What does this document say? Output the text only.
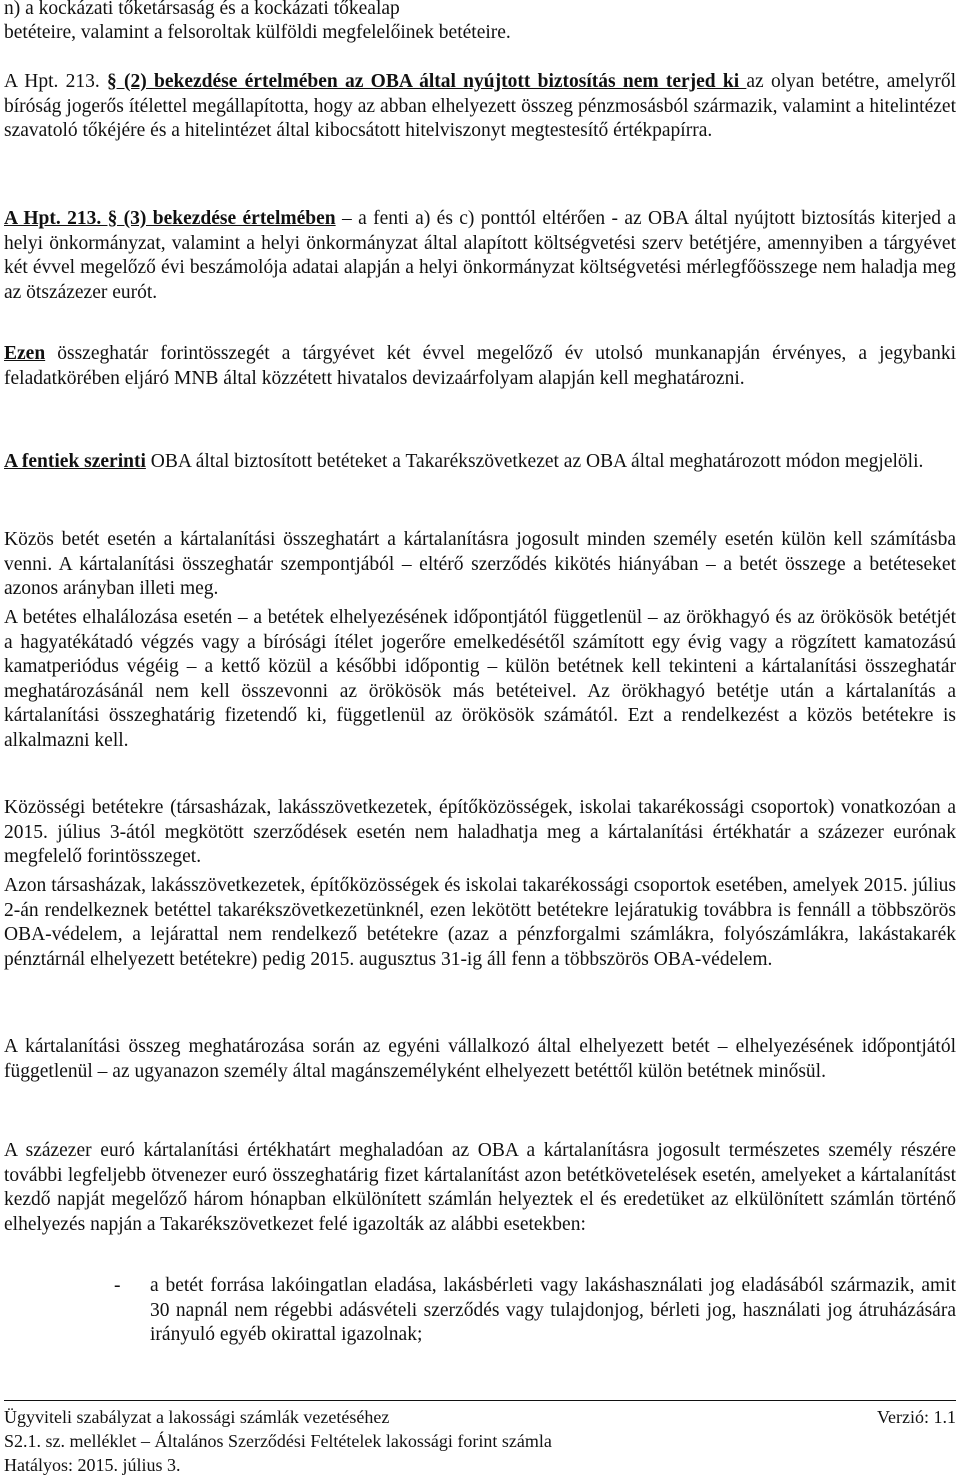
n) a kockázati tőketársaság és a kockázati tőkealap

betéteire, valamint a felsoroltak külföldi megfelelőinek betéteire.

A Hpt. 213. § (2) bekezdése értelmében az OBA által nyújtott biztosítás nem terjed ki az olyan betétre, amelyről bíróság jogerős ítélettel megállapította, hogy az abban elhelyezett összeg pénzmosásból származik, valamint a hitelintézet szavatoló tőkéjére és a hitelintézet által kibocsátott hitelviszonyt megtestesítő értékpapírra.

A Hpt. 213. § (3) bekezdése értelmében – a fenti a) és c) ponttól eltérően - az OBA által nyújtott biztosítás kiterjed a helyi önkormányzat, valamint a helyi önkormányzat által alapított költségvetési szerv betétjére, amennyiben a tárgyévet két évvel megelőző évi beszámolója adatai alapján a helyi önkormányzat költségvetési mérlegfőösszege nem haladja meg az ötszázezer eurót.

Ezen összeghatár forintösszegét a tárgyévet két évvel megelőző év utolsó munkanapján érvényes, a jegybanki feladatkörében eljáró MNB által közzétett hivatalos devizaárfolyam alapján kell meghatározni.

A fentiek szerinti OBA által biztosított betéteket a Takarékszövetkezet az OBA által meghatározott módon megjelöli.

Közös betét esetén a kártalanítási összeghatárt a kártalanításra jogosult minden személy esetén külön kell számításba venni. A kártalanítási összeghatár szempontjából – eltérő szerződés kikötés hiányában – a betét összege a betéteseket azonos arányban illeti meg.

A betétes elhalálozása esetén – a betétek elhelyezésének időpontjától függetlenül – az örökhagyó és az örökösök betétjét a hagyatékátadó végzés vagy a bírósági ítélet jogerőre emelkedésétől számított egy évig vagy a rögzített kamatozású kamatperiódus végéig – a kettő közül a későbbi időpontig – külön betétnek kell tekinteni a kártalanítási összeghatár meghatározásánál nem kell összevonni az örökösök más betéteivel. Az örökhagyó betétje után a kártalanítás a kártalanítási összeghatárig fizetendő ki, függetlenül az örökösök számától. Ezt a rendelkezést a közös betétekre is alkalmazni kell.

Közösségi betétekre (társasházak, lakásszövetkezetek, építőközösségek, iskolai takarékossági csoportok) vonatkozóan a 2015. július 3-ától megkötött szerződések esetén nem haladhatja meg a kártalanítási értékhatár a százezer eurónak megfelelő forintösszeget.

Azon társasházak, lakásszövetkezetek, építőközösségek és iskolai takarékossági csoportok esetében, amelyek 2015. július 2-án rendelkeznek betéttel takarékszövetkezetünknél, ezen lekötött betétekre lejáratukig továbbra is fennáll a többszörös OBA-védelem, a lejárattal nem rendelkező betétekre (azaz a pénzforgalmi számlákra, folyószámlákra, lakástakarék pénztárnál elhelyezett betétekre) pedig 2015. augusztus 31-ig áll fenn a többszörös OBA-védelem.

A kártalanítási összeg meghatározása során az egyéni vállalkozó által elhelyezett betét – elhelyezésének időpontjától függetlenül – az ugyanazon személy által magánszemélyként elhelyezett betéttől külön betétnek minősül.

A százezer euró kártalanítási értékhatárt meghaladóan az OBA a kártalanításra jogosult természetes személy részére további legfeljebb ötvenezer euró összeghatárig fizet kártalanítást azon betétkövetelések esetén, amelyeket a kártalanítást kezdő napját megelőző három hónapban elkülönített számlán helyeztek el és eredetüket az elkülönített számlán történő elhelyezés napján a Takarékszövetkezet felé igazolták az alábbi esetekben:

-	a betét forrása lakóingatlan eladása, lakásbérleti vagy lakáshasználati jog eladásából származik, amit 30 napnál nem régebbi adásvételi szerződés vagy tulajdonjog, bérleti jog, használati jog átruházására irányuló egyéb okirattal igazolnak;

Ügyviteli szabályzat a lakossági számlák vezetéséhez	Verzió: 1.1

S2.1. sz. melléklet – Általános Szerződési Feltételek lakossági forint számla

Hatályos: 2015. július 3.
